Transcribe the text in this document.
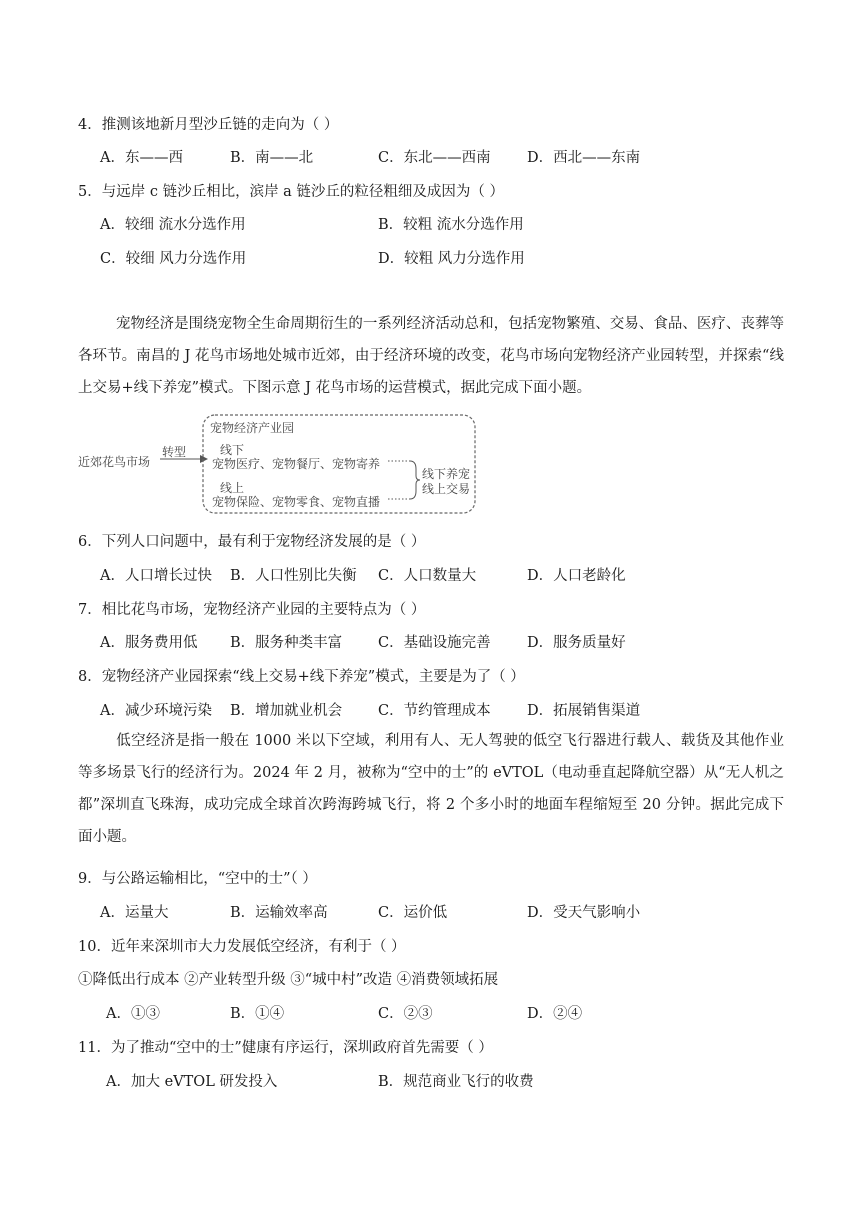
4．推测该地新月型沙丘链的走向为（ ）
A．东——西	B．南——北	C．东北——西南	D．西北——东南
5．与远岸 c 链沙丘相比，滨岸 a 链沙丘的粒径粗细及成因为（ ）
A．较细 流水分选作用	B．较粗 流水分选作用
C．较细 风力分选作用	D．较粗 风力分选作用
宠物经济是围绕宠物全生命周期衍生的一系列经济活动总和，包括宠物繁殖、交易、食品、医疗、丧葬等各环节。南昌的 J 花鸟市场地处城市近郊，由于经济环境的改变，花鸟市场向宠物经济产业园转型，并探索“线上交易+线下养宠”模式。下图示意 J 花鸟市场的运营模式，据此完成下面小题。
近郊花鸟市场
转型
宠物经济产业园
线下
宠物医疗、宠物餐厅、宠物寄养
线上
宠物保险、宠物零食、宠物直播
线下养宠
线上交易
6．下列人口问题中，最有利于宠物经济发展的是（ ）
A．人口增长过快 B．人口性别比失衡 C．人口数量大	D．人口老龄化
7．相比花鸟市场，宠物经济产业园的主要特点为（ ）
A．服务费用低 B．服务种类丰富 C．基础设施完善	D．服务质量好
8．宠物经济产业园探索“线上交易+线下养宠”模式，主要是为了（ ）
A．减少环境污染 B．增加就业机会 C．节约管理成本	D．拓展销售渠道
低空经济是指一般在 1000 米以下空域，利用有人、无人驾驶的低空飞行器进行载人、载货及其他作业等多场景飞行的经济行为。2024 年 2 月，被称为“空中的士”的 eVTOL（电动垂直起降航空器）从“无人机之都”深圳直飞珠海，成功完成全球首次跨海跨城飞行，将 2 个多小时的地面车程缩短至 20 分钟。据此完成下面小题。
9．与公路运输相比，“空中的士”（ ）
A．运量大	B．运输效率高	C．运价低	D．受天气影响小
10．近年来深圳市大力发展低空经济，有利于（ ）
①降低出行成本 ②产业转型升级 ③“城中村”改造 ④消费领域拓展
A．①③	B．①④	C．②③	D．②④
11．为了推动“空中的士”健康有序运行，深圳政府首先需要（ ）
A．加大 eVTOL 研发投入	B．规范商业飞行的收费
